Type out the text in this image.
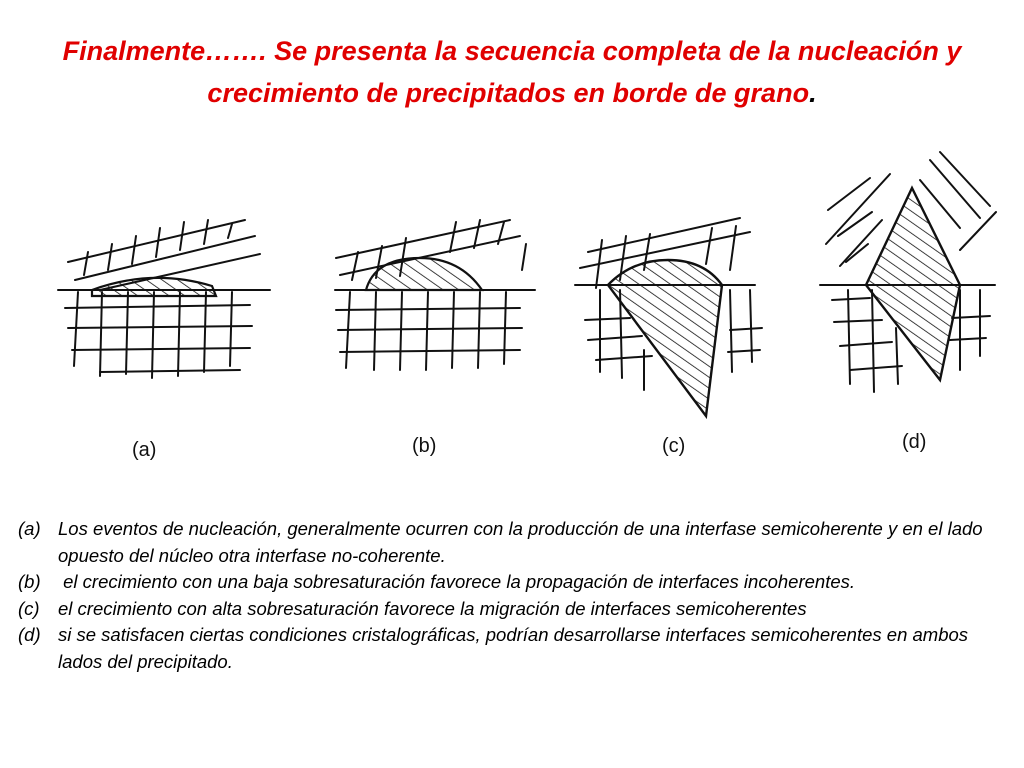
Finalmente……. Se presenta la secuencia completa de la nucleación y
crecimiento de precipitados en borde de grano.
(a)	(b)	(c)	(d)
(a) Los eventos de nucleación, generalmente ocurren con la producción de una interfase semicoherente y en el lado opuesto del núcleo otra interfase no-coherente.
(b) el crecimiento con una baja sobresaturación favorece la propagación de interfaces incoherentes.
(c) el crecimiento con alta sobresaturación favorece la migración de interfaces semicoherentes
(d) si se satisfacen ciertas condiciones cristalográficas, podrían desarrollarse interfaces semicoherentes en ambos lados del precipitado.
